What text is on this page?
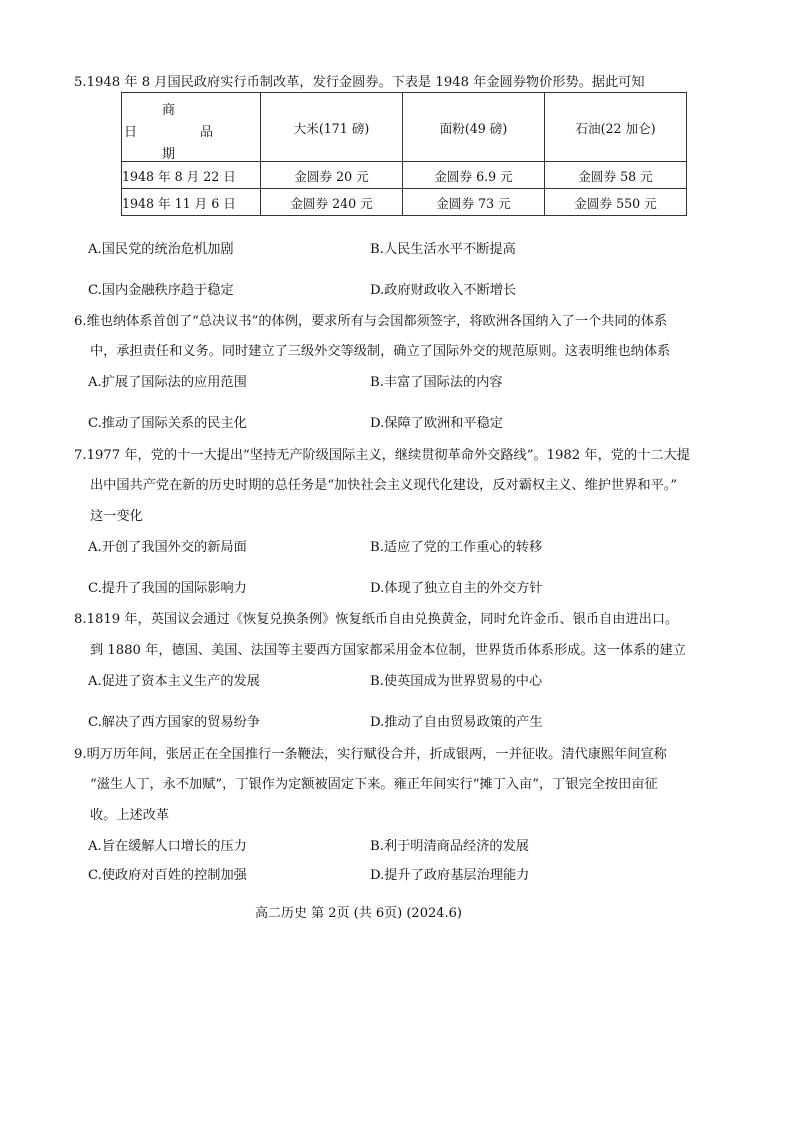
5.1948 年 8 月国民政府实行币制改革，发行金圆券。下表是 1948 年金圆券物价形势。据此可知
商
日 品
期	大米(171 磅)	面粉(49 磅)	石油(22 加仑)
1948 年 8 月 22 日	金圆券 20 元	金圆券 6.9 元	金圆券 58 元
1948 年 11 月 6 日	金圆券 240 元	金圆券 73 元	金圆券 550 元
A.国民党的统治危机加剧	B.人民生活水平不断提高
C.国内金融秩序趋于稳定	D.政府财政收入不断增长
6.维也纳体系首创了“总决议书”的体例，要求所有与会国都须签字，将欧洲各国纳入了一个共同的体系
中，承担责任和义务。同时建立了三级外交等级制，确立了国际外交的规范原则。这表明维也纳体系
A.扩展了国际法的应用范围	B.丰富了国际法的内容
C.推动了国际关系的民主化	D.保障了欧洲和平稳定
7.1977 年，党的十一大提出“坚持无产阶级国际主义，继续贯彻革命外交路线”。1982 年，党的十二大提
出中国共产党在新的历史时期的总任务是“加快社会主义现代化建设，反对霸权主义、维护世界和平。”
这一变化
A.开创了我国外交的新局面	B.适应了党的工作重心的转移
C.提升了我国的国际影响力	D.体现了独立自主的外交方针
8.1819 年，英国议会通过《恢复兑换条例》恢复纸币自由兑换黄金，同时允许金币、银币自由进出口。
到 1880 年，德国、美国、法国等主要西方国家都采用金本位制，世界货币体系形成。这一体系的建立
A.促进了资本主义生产的发展	B.使英国成为世界贸易的中心
C.解决了西方国家的贸易纷争	D.推动了自由贸易政策的产生
9.明万历年间，张居正在全国推行一条鞭法，实行赋役合并，折成银两，一并征收。清代康熙年间宣称
“滋生人丁，永不加赋”，丁银作为定额被固定下来。雍正年间实行“摊丁入亩”，丁银完全按田亩征
收。上述改革
A.旨在缓解人口增长的压力	B.利于明清商品经济的发展
C.使政府对百姓的控制加强	D.提升了政府基层治理能力
高二历史 第 2页 (共 6页) (2024.6)
